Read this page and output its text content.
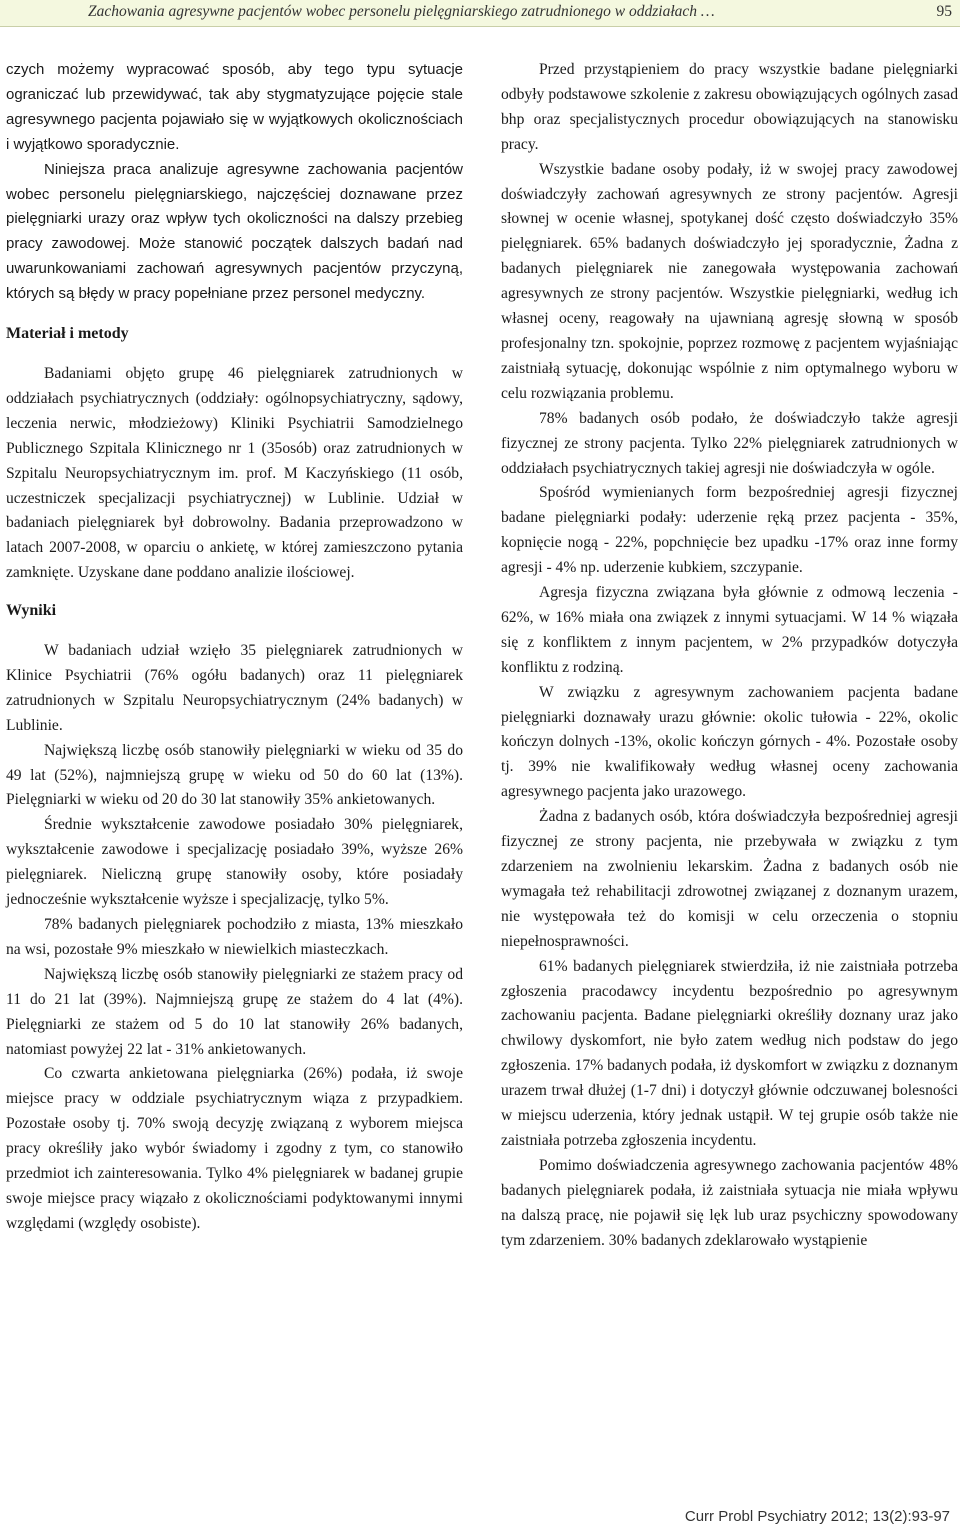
Zachowania agresywne pacjentów wobec personelu pielęgniarskiego zatrudnionego w oddziałach …	95

czych możemy wypracować sposób, aby tego typu sytuacje ograniczać lub przewidywać, tak aby stygmatyzujące pojęcie stale agresywnego pacjenta pojawiało się w wyjątkowych okolicznościach i wyjątkowo sporadycznie.

Niniejsza praca analizuje agresywne zachowania pacjentów wobec personelu pielęgniarskiego, najczęściej doznawane przez pielęgniarki urazy oraz wpływ tych okoliczności na dalszy przebieg pracy zawodowej. Może stanowić początek dalszych badań nad uwarunkowaniami zachowań agresywnych pacjentów przyczyną, których są błędy w pracy popełniane przez personel medyczny.

Materiał i metody

Badaniami objęto grupę 46 pielęgniarek zatrudnionych w oddziałach psychiatrycznych (oddziały: ogólnopsychiatryczny, sądowy, leczenia nerwic, młodzieżowy) Kliniki Psychiatrii Samodzielnego Publicznego Szpitala Klinicznego nr 1 (35osób) oraz zatrudnionych w Szpitalu Neuropsychiatrycznym im. prof. M Kaczyńskiego (11 osób, uczestniczek specjalizacji psychiatrycznej) w Lublinie. Udział w badaniach pielęgniarek był dobrowolny. Badania przeprowadzono w latach 2007-2008, w oparciu o ankietę, w której zamieszczono pytania zamknięte. Uzyskane dane poddano analizie ilościowej.

Wyniki

W badaniach udział wzięło 35 pielęgniarek zatrudnionych w Klinice Psychiatrii (76% ogółu badanych) oraz 11 pielęgniarek zatrudnionych w Szpitalu Neuropsychiatrycznym (24% badanych) w Lublinie.

Największą liczbę osób stanowiły pielęgniarki w wieku od 35 do 49 lat (52%), najmniejszą grupę w wieku od 50 do 60 lat (13%). Pielęgniarki w wieku od 20 do 30 lat stanowiły 35% ankietowanych.

Średnie wykształcenie zawodowe posiadało 30% pielęgniarek, wykształcenie zawodowe i specjalizację posiadało 39%, wyższe 26% pielęgniarek. Nieliczną grupę stanowiły osoby, które posiadały jednocześnie wykształcenie wyższe i specjalizację, tylko 5%.

78% badanych pielęgniarek pochodziło z miasta, 13% mieszkało na wsi, pozostałe 9% mieszkało w niewielkich miasteczkach.

Największą liczbę osób stanowiły pielęgniarki ze stażem pracy od 11 do 21 lat (39%). Najmniejszą grupę ze stażem do 4 lat (4%). Pielęgniarki ze stażem od 5 do 10 lat stanowiły 26% badanych, natomiast powyżej 22 lat - 31% ankietowanych.

Co czwarta ankietowana pielęgniarka (26%) podała, iż swoje miejsce pracy w oddziale psychiatrycznym wiąza z przypadkiem. Pozostałe osoby tj. 70% swoją decyzję związaną z wyborem miejsca pracy określiły jako wybór świadomy i zgodny z tym, co stanowiło przedmiot ich zainteresowania. Tylko 4% pielęgniarek w badanej grupie swoje miejsce pracy wiązało z okolicznościami podyktowanymi innymi względami (względy osobiste).

Przed przystąpieniem do pracy wszystkie badane pielęgniarki odbyły podstawowe szkolenie z zakresu obowiązujących ogólnych zasad bhp oraz specjalistycznych procedur obowiązujących na stanowisku pracy.

Wszystkie badane osoby podały, iż w swojej pracy zawodowej doświadczyły zachowań agresywnych ze strony pacjentów. Agresji słownej w ocenie własnej, spotykanej dość często doświadczyło 35% pielęgniarek. 65% badanych doświadczyło jej sporadycznie, Żadna z badanych pielęgniarek nie zanegowała występowania zachowań agresywnych ze strony pacjentów. Wszystkie pielęgniarki, według ich własnej oceny, reagowały na ujawnianą agresję słowną w sposób profesjonalny tzn. spokojnie, poprzez rozmowę z pacjentem wyjaśniając zaistniałą sytuację, dokonując wspólnie z nim optymalnego wyboru w celu rozwiązania problemu.

78% badanych osób podało, że doświadczyło także agresji fizycznej ze strony pacjenta. Tylko 22% pielęgniarek zatrudnionych w oddziałach psychiatrycznych takiej agresji nie doświadczyła w ogóle.

Spośród wymienianych form bezpośredniej agresji fizycznej badane pielęgniarki podały: uderzenie ręką przez pacjenta - 35%, kopnięcie nogą - 22%, popchnięcie bez upadku -17% oraz inne formy agresji - 4% np. uderzenie kubkiem, szczypanie.

Agresja fizyczna związana była głównie z odmową leczenia - 62%, w 16% miała ona związek z innymi sytuacjami. W 14 % wiązała się z konfliktem z innym pacjentem, w 2% przypadków dotyczyła konfliktu z rodziną.

W związku z agresywnym zachowaniem pacjenta badane pielęgniarki doznawały urazu głównie: okolic tułowia - 22%, okolic kończyn dolnych -13%, okolic kończyn górnych - 4%. Pozostałe osoby tj. 39% nie kwalifikowały według własnej oceny zachowania agresywnego pacjenta jako urazowego.

Żadna z badanych osób, która doświadczyła bezpośredniej agresji fizycznej ze strony pacjenta, nie przebywała w związku z tym zdarzeniem na zwolnieniu lekarskim. Żadna z badanych osób nie wymagała też rehabilitacji zdrowotnej związanej z doznanym urazem, nie występowała też do komisji w celu orzeczenia o stopniu niepełnosprawności.

61% badanych pielęgniarek stwierdziła, iż nie zaistniała potrzeba zgłoszenia pracodawcy incydentu bezpośrednio po agresywnym zachowaniu pacjenta. Badane pielęgniarki określiły doznany uraz jako chwilowy dyskomfort, nie było zatem według nich podstaw do jego zgłoszenia. 17% badanych podała, iż dyskomfort w związku z doznanym urazem trwał dłużej (1-7 dni) i dotyczył głównie odczuwanej bolesności w miejscu uderzenia, który jednak ustąpił. W tej grupie osób także nie zaistniała potrzeba zgłoszenia incydentu.

Pomimo doświadczenia agresywnego zachowania pacjentów 48% badanych pielęgniarek podała, iż zaistniała sytuacja nie miała wpływu na dalszą pracę, nie pojawił się lęk lub uraz psychiczny spowodowany tym zdarzeniem. 30% badanych zdeklarowało wystąpienie

Curr Probl Psychiatry 2012; 13(2):93-97
